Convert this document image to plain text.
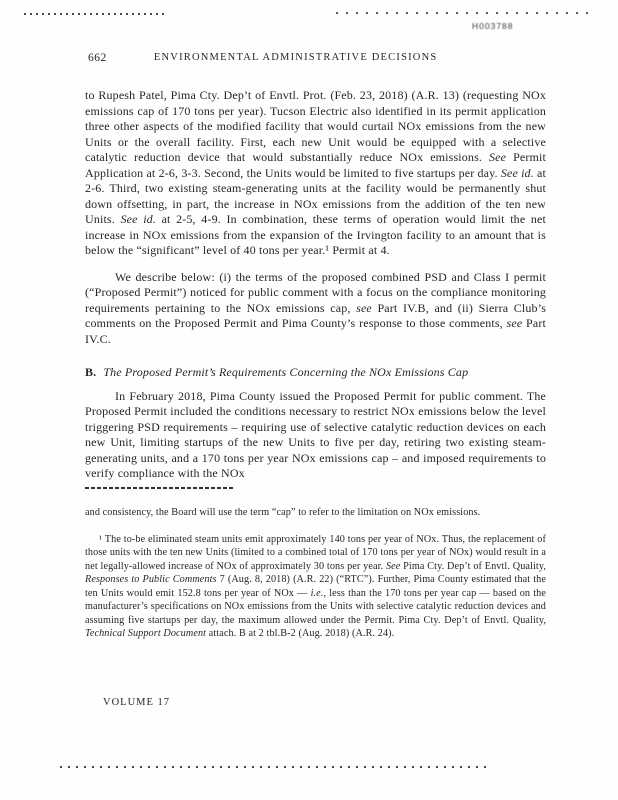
H003788
662	ENVIRONMENTAL ADMINISTRATIVE DECISIONS

to Rupesh Patel, Pima Cty. Dep’t of Envtl. Prot. (Feb. 23, 2018) (A.R. 13) (requesting NOx emissions cap of 170 tons per year). Tucson Electric also identified in its permit application three other aspects of the modified facility that would curtail NOx emissions from the new Units or the overall facility. First, each new Unit would be equipped with a selective catalytic reduction device that would substantially reduce NOx emissions. See Permit Application at 2-6, 3-3. Second, the Units would be limited to five startups per day. See id. at 2-6. Third, two existing steam-generating units at the facility would be permanently shut down offsetting, in part, the increase in NOx emissions from the addition of the ten new Units. See id. at 2-5, 4-9. In combination, these terms of operation would limit the net increase in NOx emissions from the expansion of the Irvington facility to an amount that is below the “significant” level of 40 tons per year.¹ Permit at 4.

We describe below: (i) the terms of the proposed combined PSD and Class I permit (“Proposed Permit”) noticed for public comment with a focus on the compliance monitoring requirements pertaining to the NOx emissions cap, see Part IV.B, and (ii) Sierra Club’s comments on the Proposed Permit and Pima County’s response to those comments, see Part IV.C.

B. The Proposed Permit’s Requirements Concerning the NOx Emissions Cap

In February 2018, Pima County issued the Proposed Permit for public comment. The Proposed Permit included the conditions necessary to restrict NOx emissions below the level triggering PSD requirements – requiring use of selective catalytic reduction devices on each new Unit, limiting startups of the new Units to five per day, retiring two existing steam-generating units, and a 170 tons per year NOx emissions cap – and imposed requirements to verify compliance with the NOx

and consistency, the Board will use the term “cap” to refer to the limitation on NOx emissions.

¹ The to-be eliminated steam units emit approximately 140 tons per year of NOx. Thus, the replacement of those units with the ten new Units (limited to a combined total of 170 tons per year of NOx) would result in a net legally-allowed increase of NOx of approximately 30 tons per year. See Pima Cty. Dep’t of Envtl. Quality, Responses to Public Comments 7 (Aug. 8, 2018) (A.R. 22) (“RTC”). Further, Pima County estimated that the ten Units would emit 152.8 tons per year of NOx — i.e., less than the 170 tons per year cap — based on the manufacturer’s specifications on NOx emissions from the Units with selective catalytic reduction devices and assuming five startups per day, the maximum allowed under the Permit. Pima Cty. Dep’t of Envtl. Quality, Technical Support Document attach. B at 2 tbl.B-2 (Aug. 2018) (A.R. 24).

VOLUME 17
